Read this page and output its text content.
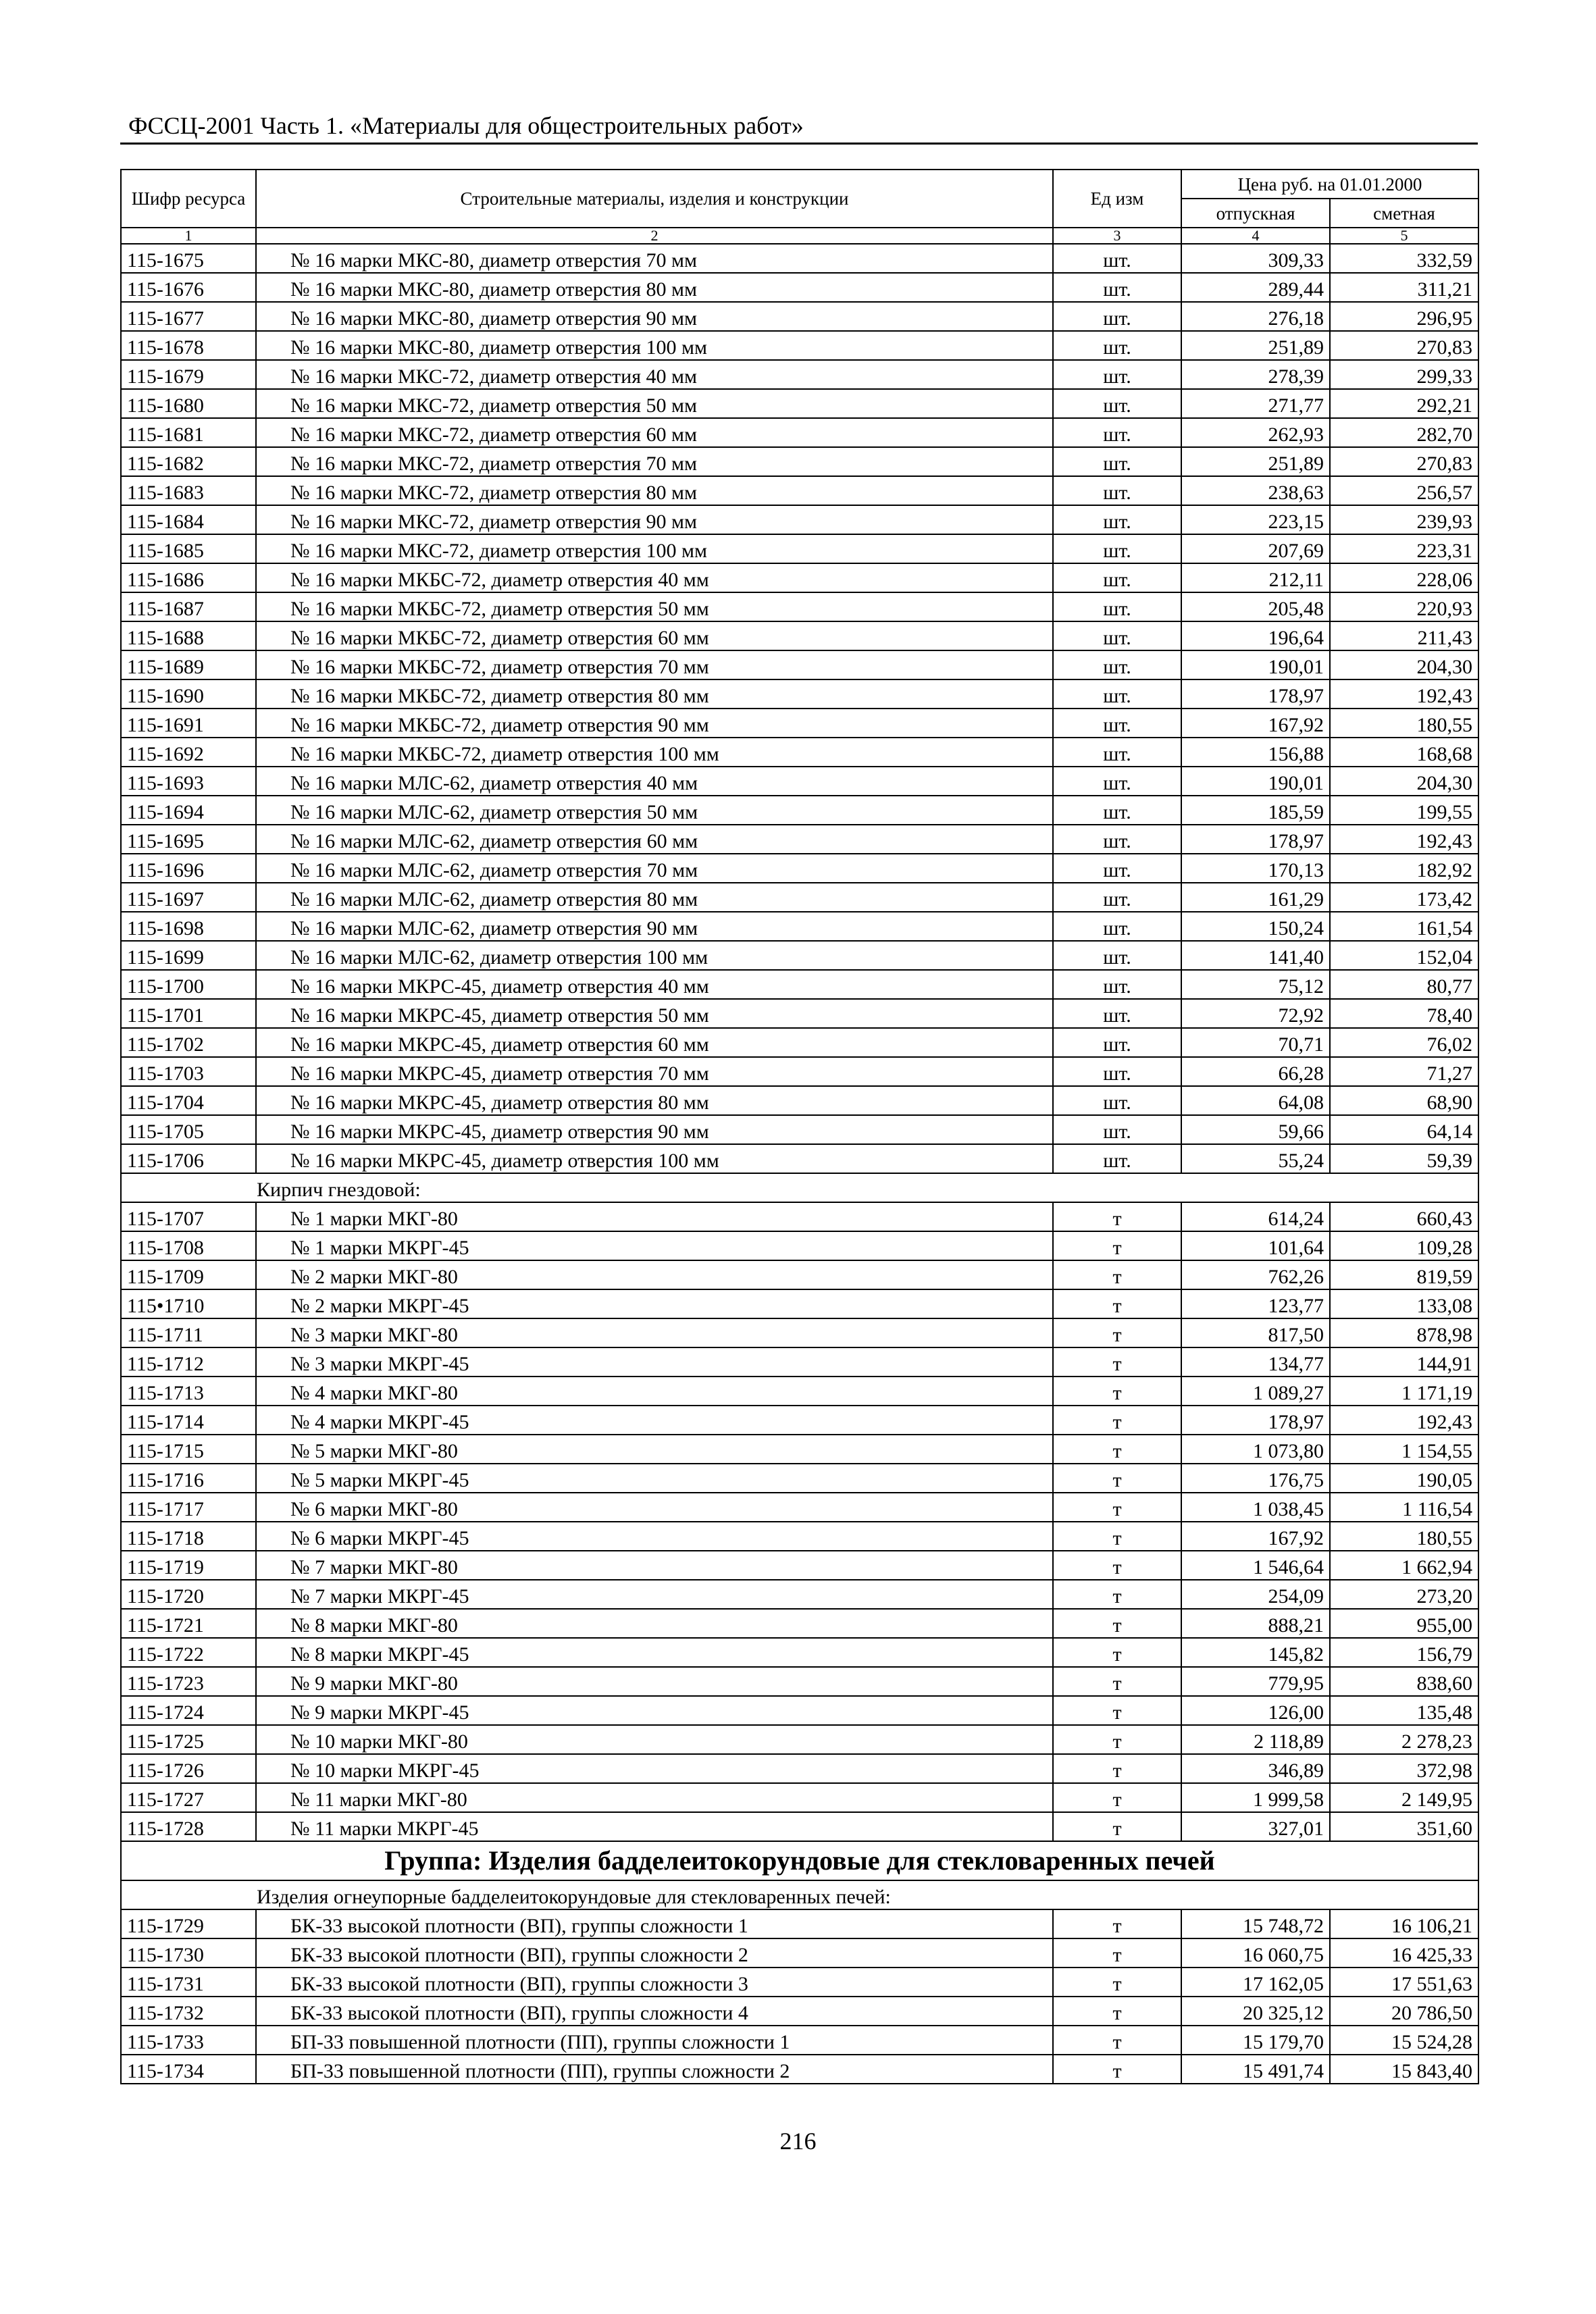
ФССЦ-2001 Часть 1. «Материалы для общестроительных работ»
Шифр ресурса	Строительные материалы, изделия и конструкции	Ед изм	Цена руб. на 01.01.2000	
			отпускная	сметная
1	2	3	4	5
115-1675	№ 16 марки МКС-80, диаметр отверстия 70 мм	шт.	309,33	332,59
115-1676	№ 16 марки МКС-80, диаметр отверстия 80 мм	шт.	289,44	311,21
115-1677	№ 16 марки МКС-80, диаметр отверстия 90 мм	шт.	276,18	296,95
115-1678	№ 16 марки МКС-80, диаметр отверстия 100 мм	шт.	251,89	270,83
115-1679	№ 16 марки МКС-72, диаметр отверстия 40 мм	шт.	278,39	299,33
115-1680	№ 16 марки МКС-72, диаметр отверстия 50 мм	шт.	271,77	292,21
115-1681	№ 16 марки МКС-72, диаметр отверстия 60 мм	шт.	262,93	282,70
115-1682	№ 16 марки МКС-72, диаметр отверстия 70 мм	шт.	251,89	270,83
115-1683	№ 16 марки МКС-72, диаметр отверстия 80 мм	шт.	238,63	256,57
115-1684	№ 16 марки МКС-72, диаметр отверстия 90 мм	шт.	223,15	239,93
115-1685	№ 16 марки МКС-72, диаметр отверстия 100 мм	шт.	207,69	223,31
115-1686	№ 16 марки МКБС-72, диаметр отверстия 40 мм	шт.	212,11	228,06
115-1687	№ 16 марки МКБС-72, диаметр отверстия 50 мм	шт.	205,48	220,93
115-1688	№ 16 марки МКБС-72, диаметр отверстия 60 мм	шт.	196,64	211,43
115-1689	№ 16 марки МКБС-72, диаметр отверстия 70 мм	шт.	190,01	204,30
115-1690	№ 16 марки МКБС-72, диаметр отверстия 80 мм	шт.	178,97	192,43
115-1691	№ 16 марки МКБС-72, диаметр отверстия 90 мм	шт.	167,92	180,55
115-1692	№ 16 марки МКБС-72, диаметр отверстия 100 мм	шт.	156,88	168,68
115-1693	№ 16 марки МЛС-62, диаметр отверстия 40 мм	шт.	190,01	204,30
115-1694	№ 16 марки МЛС-62, диаметр отверстия 50 мм	шт.	185,59	199,55
115-1695	№ 16 марки МЛС-62, диаметр отверстия 60 мм	шт.	178,97	192,43
115-1696	№ 16 марки МЛС-62, диаметр отверстия 70 мм	шт.	170,13	182,92
115-1697	№ 16 марки МЛС-62, диаметр отверстия 80 мм	шт.	161,29	173,42
115-1698	№ 16 марки МЛС-62, диаметр отверстия 90 мм	шт.	150,24	161,54
115-1699	№ 16 марки МЛС-62, диаметр отверстия 100 мм	шт.	141,40	152,04
115-1700	№ 16 марки МКРС-45, диаметр отверстия 40 мм	шт.	75,12	80,77
115-1701	№ 16 марки МКРС-45, диаметр отверстия 50 мм	шт.	72,92	78,40
115-1702	№ 16 марки МКРС-45, диаметр отверстия 60 мм	шт.	70,71	76,02
115-1703	№ 16 марки МКРС-45, диаметр отверстия 70 мм	шт.	66,28	71,27
115-1704	№ 16 марки МКРС-45, диаметр отверстия 80 мм	шт.	64,08	68,90
115-1705	№ 16 марки МКРС-45, диаметр отверстия 90 мм	шт.	59,66	64,14
115-1706	№ 16 марки МКРС-45, диаметр отверстия 100 мм	шт.	55,24	59,39
Кирпич гнездовой:				
115-1707	№ 1 марки МКГ-80	т	614,24	660,43
115-1708	№ 1 марки МКРГ-45	т	101,64	109,28
115-1709	№ 2 марки МКГ-80	т	762,26	819,59
115•1710	№ 2 марки МКРГ-45	т	123,77	133,08
115-1711	№ 3 марки МКГ-80	т	817,50	878,98
115-1712	№ 3 марки МКРГ-45	т	134,77	144,91
115-1713	№ 4 марки МКГ-80	т	1 089,27	1 171,19
115-1714	№ 4 марки МКРГ-45	т	178,97	192,43
115-1715	№ 5 марки МКГ-80	т	1 073,80	1 154,55
115-1716	№ 5 марки МКРГ-45	т	176,75	190,05
115-1717	№ 6 марки МКГ-80	т	1 038,45	1 116,54
115-1718	№ 6 марки МКРГ-45	т	167,92	180,55
115-1719	№ 7 марки МКГ-80	т	1 546,64	1 662,94
115-1720	№ 7 марки МКРГ-45	т	254,09	273,20
115-1721	№ 8 марки МКГ-80	т	888,21	955,00
115-1722	№ 8 марки МКРГ-45	т	145,82	156,79
115-1723	№ 9 марки МКГ-80	т	779,95	838,60
115-1724	№ 9 марки МКРГ-45	т	126,00	135,48
115-1725	№ 10 марки МКГ-80	т	2 118,89	2 278,23
115-1726	№ 10 марки МКРГ-45	т	346,89	372,98
115-1727	№ 11 марки МКГ-80	т	1 999,58	2 149,95
115-1728	№ 11 марки МКРГ-45	т	327,01	351,60
Группа: Изделия бадделеитокорундовые для стекловаренных печей				
Изделия огнеупорные бадделеитокорундовые для стекловаренных печей:				
115-1729	БК-33 высокой плотности (ВП), группы сложности 1	т	15 748,72	16 106,21
115-1730	БК-33 высокой плотности (ВП), группы сложности 2	т	16 060,75	16 425,33
115-1731	БК-33 высокой плотности (ВП), группы сложности 3	т	17 162,05	17 551,63
115-1732	БК-33 высокой плотности (ВП), группы сложности 4	т	20 325,12	20 786,50
115-1733	БП-33 повышенной плотности (ПП), группы сложности 1	т	15 179,70	15 524,28
115-1734	БП-33 повышенной плотности (ПП), группы сложности 2	т	15 491,74	15 843,40
216
